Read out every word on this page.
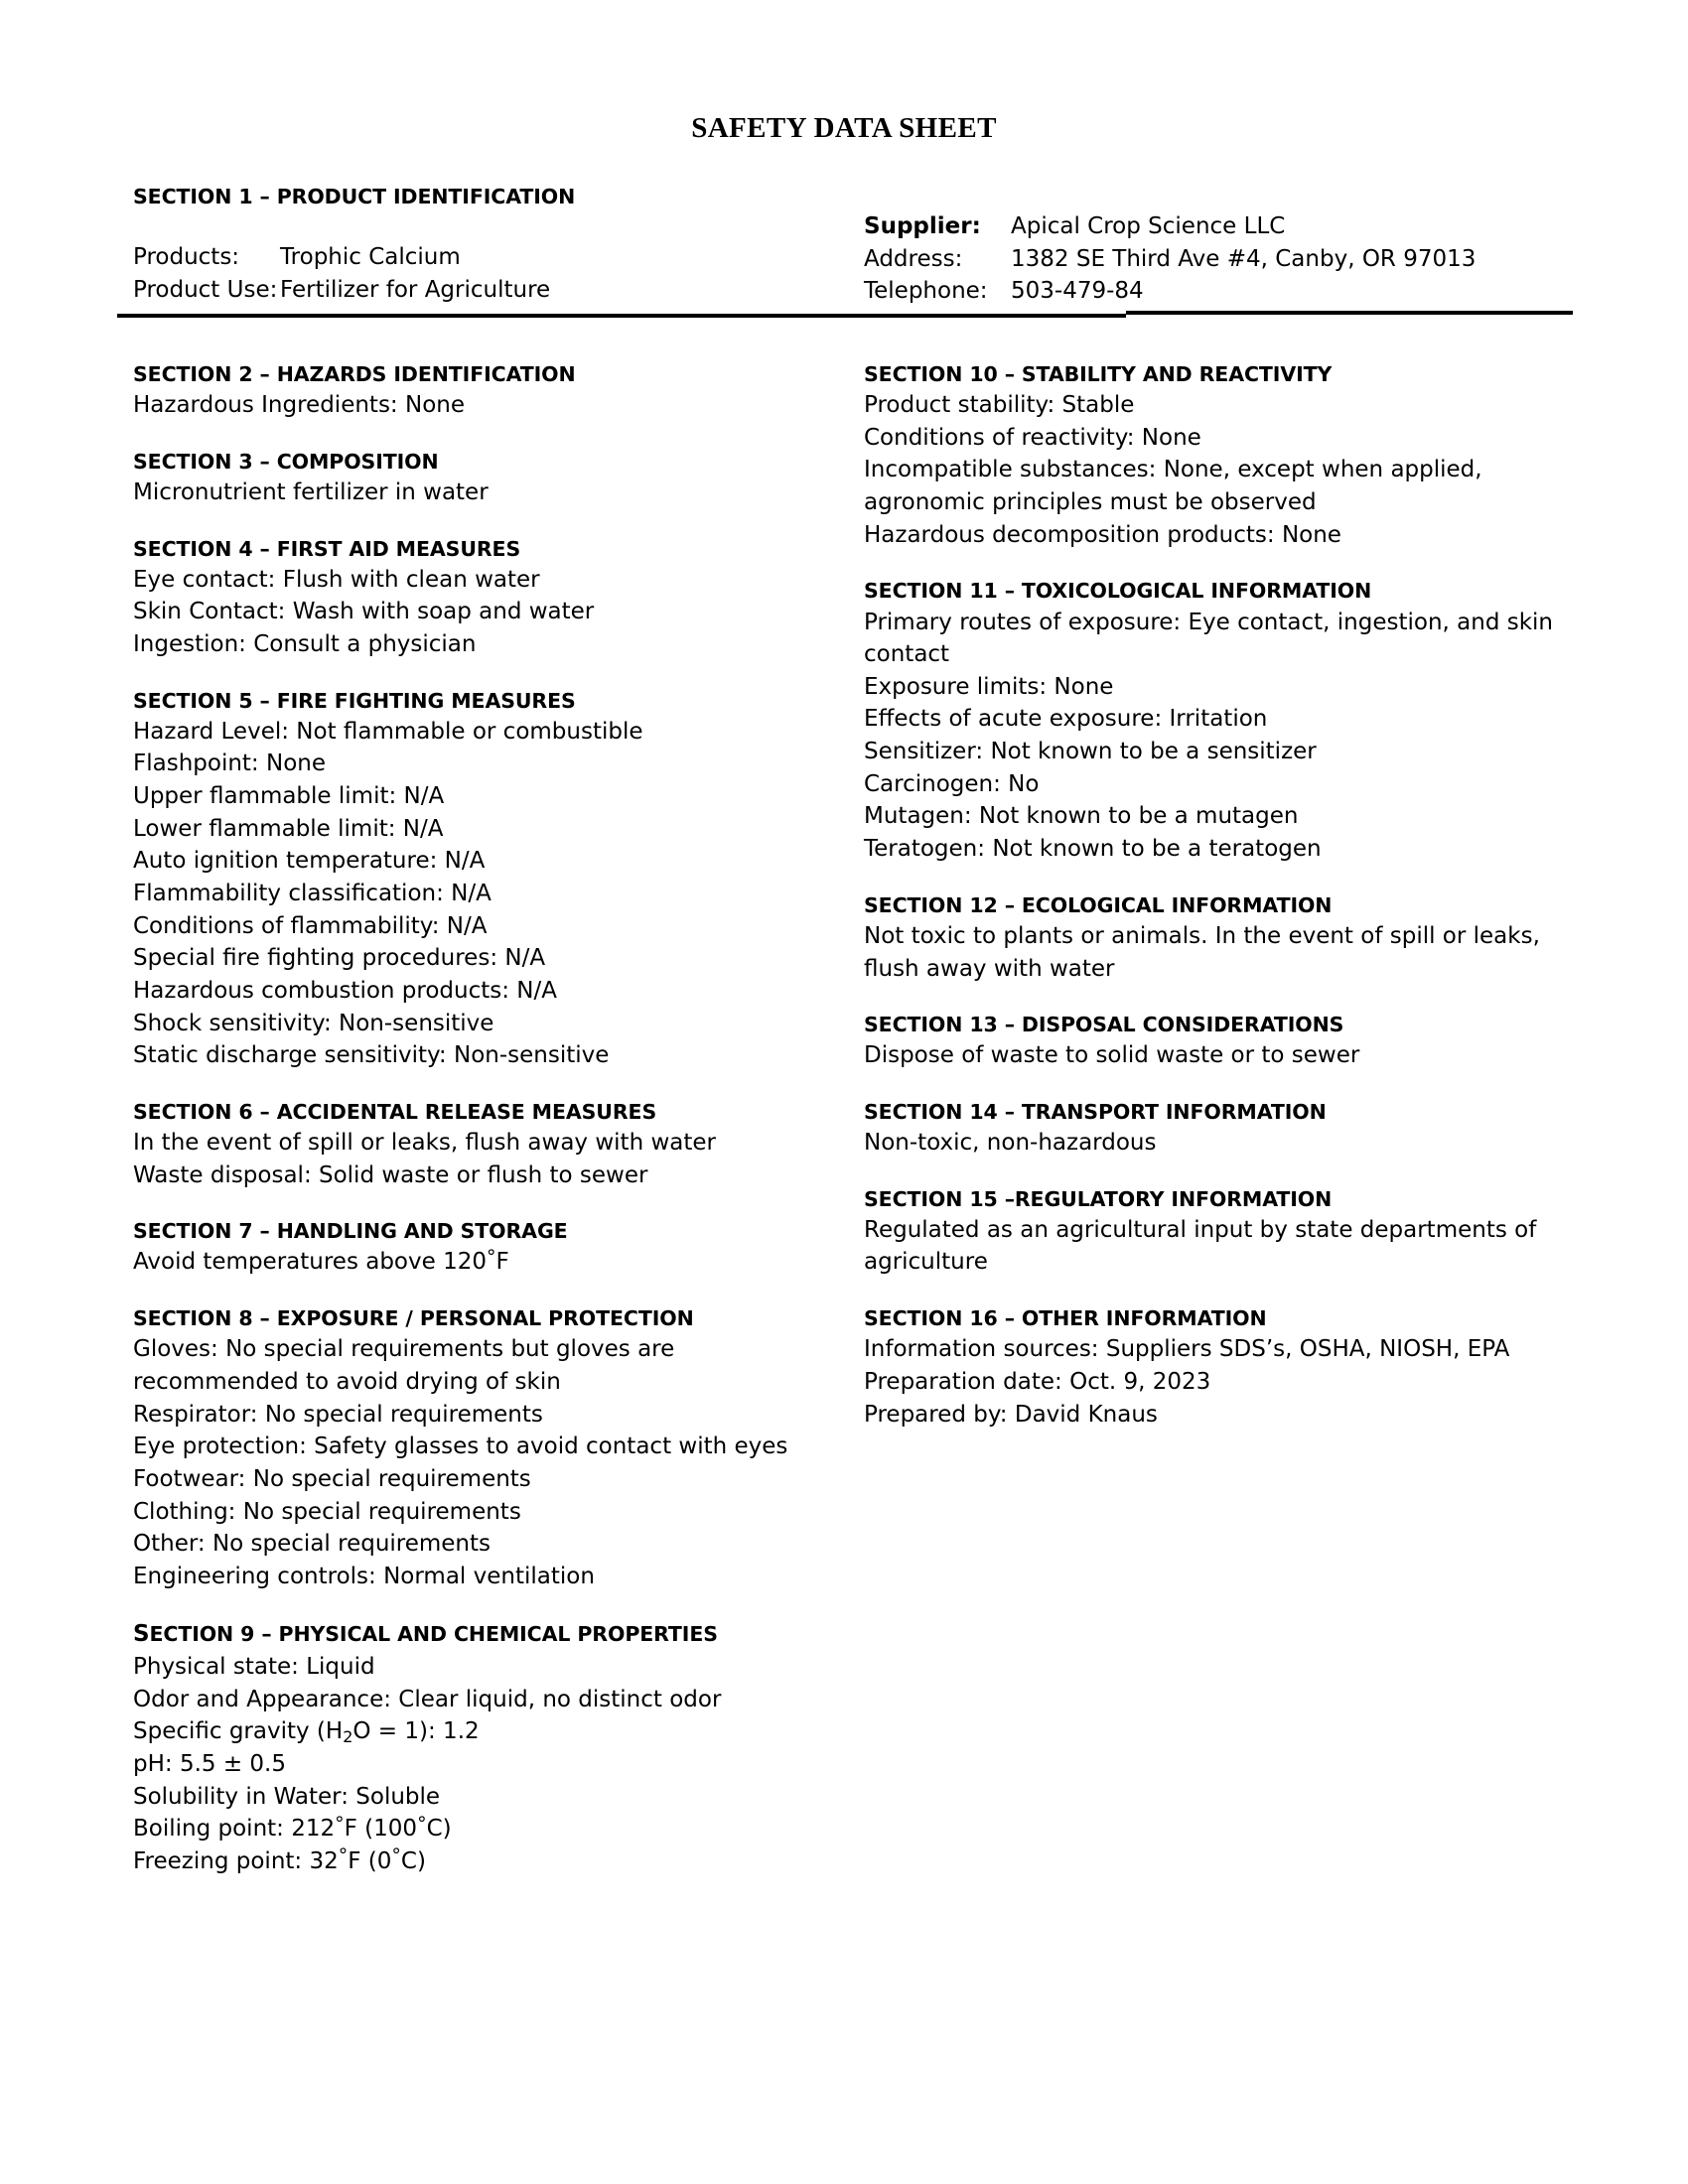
SAFETY DATA SHEET
SECTION 1 – PRODUCT IDENTIFICATION
Products: Trophic Calcium
Product Use: Fertilizer for Agriculture
Supplier: Apical Crop Science LLC
Address: 1382 SE Third Ave #4, Canby, OR 97013
Telephone: 503-479-84
SECTION 2 – HAZARDS IDENTIFICATION
Hazardous Ingredients: None
SECTION 3 – COMPOSITION
Micronutrient fertilizer in water
SECTION 4 – FIRST AID MEASURES
Eye contact: Flush with clean water
Skin Contact: Wash with soap and water
Ingestion: Consult a physician
SECTION 5 – FIRE FIGHTING MEASURES
Hazard Level: Not flammable or combustible
Flashpoint: None
Upper flammable limit: N/A
Lower flammable limit: N/A
Auto ignition temperature: N/A
Flammability classification: N/A
Conditions of flammability: N/A
Special fire fighting procedures: N/A
Hazardous combustion products: N/A
Shock sensitivity: Non-sensitive
Static discharge sensitivity: Non-sensitive
SECTION 6 – ACCIDENTAL RELEASE MEASURES
In the event of spill or leaks, flush away with water
Waste disposal: Solid waste or flush to sewer
SECTION 7 – HANDLING AND STORAGE
Avoid temperatures above 120°F
SECTION 8 – EXPOSURE / PERSONAL PROTECTION
Gloves: No special requirements but gloves are recommended to avoid drying of skin
Respirator: No special requirements
Eye protection: Safety glasses to avoid contact with eyes
Footwear: No special requirements
Clothing: No special requirements
Other: No special requirements
Engineering controls: Normal ventilation
SECTION 9 – PHYSICAL AND CHEMICAL PROPERTIES
Physical state: Liquid
Odor and Appearance: Clear liquid, no distinct odor
Specific gravity (H2O = 1): 1.2
pH: 5.5 ± 0.5
Solubility in Water: Soluble
Boiling point: 212°F (100°C)
Freezing point: 32°F (0°C)
SECTION 10 – STABILITY AND REACTIVITY
Product stability: Stable
Conditions of reactivity: None
Incompatible substances: None, except when applied, agronomic principles must be observed
Hazardous decomposition products: None
SECTION 11 – TOXICOLOGICAL INFORMATION
Primary routes of exposure: Eye contact, ingestion, and skin contact
Exposure limits: None
Effects of acute exposure: Irritation
Sensitizer: Not known to be a sensitizer
Carcinogen: No
Mutagen: Not known to be a mutagen
Teratogen: Not known to be a teratogen
SECTION 12 – ECOLOGICAL INFORMATION
Not toxic to plants or animals. In the event of spill or leaks, flush away with water
SECTION 13 – DISPOSAL CONSIDERATIONS
Dispose of waste to solid waste or to sewer
SECTION 14 – TRANSPORT INFORMATION
Non-toxic, non-hazardous
SECTION 15 –REGULATORY INFORMATION
Regulated as an agricultural input by state departments of agriculture
SECTION 16 – OTHER INFORMATION
Information sources: Suppliers SDS’s, OSHA, NIOSH, EPA
Preparation date: Oct. 9, 2023
Prepared by: David Knaus
